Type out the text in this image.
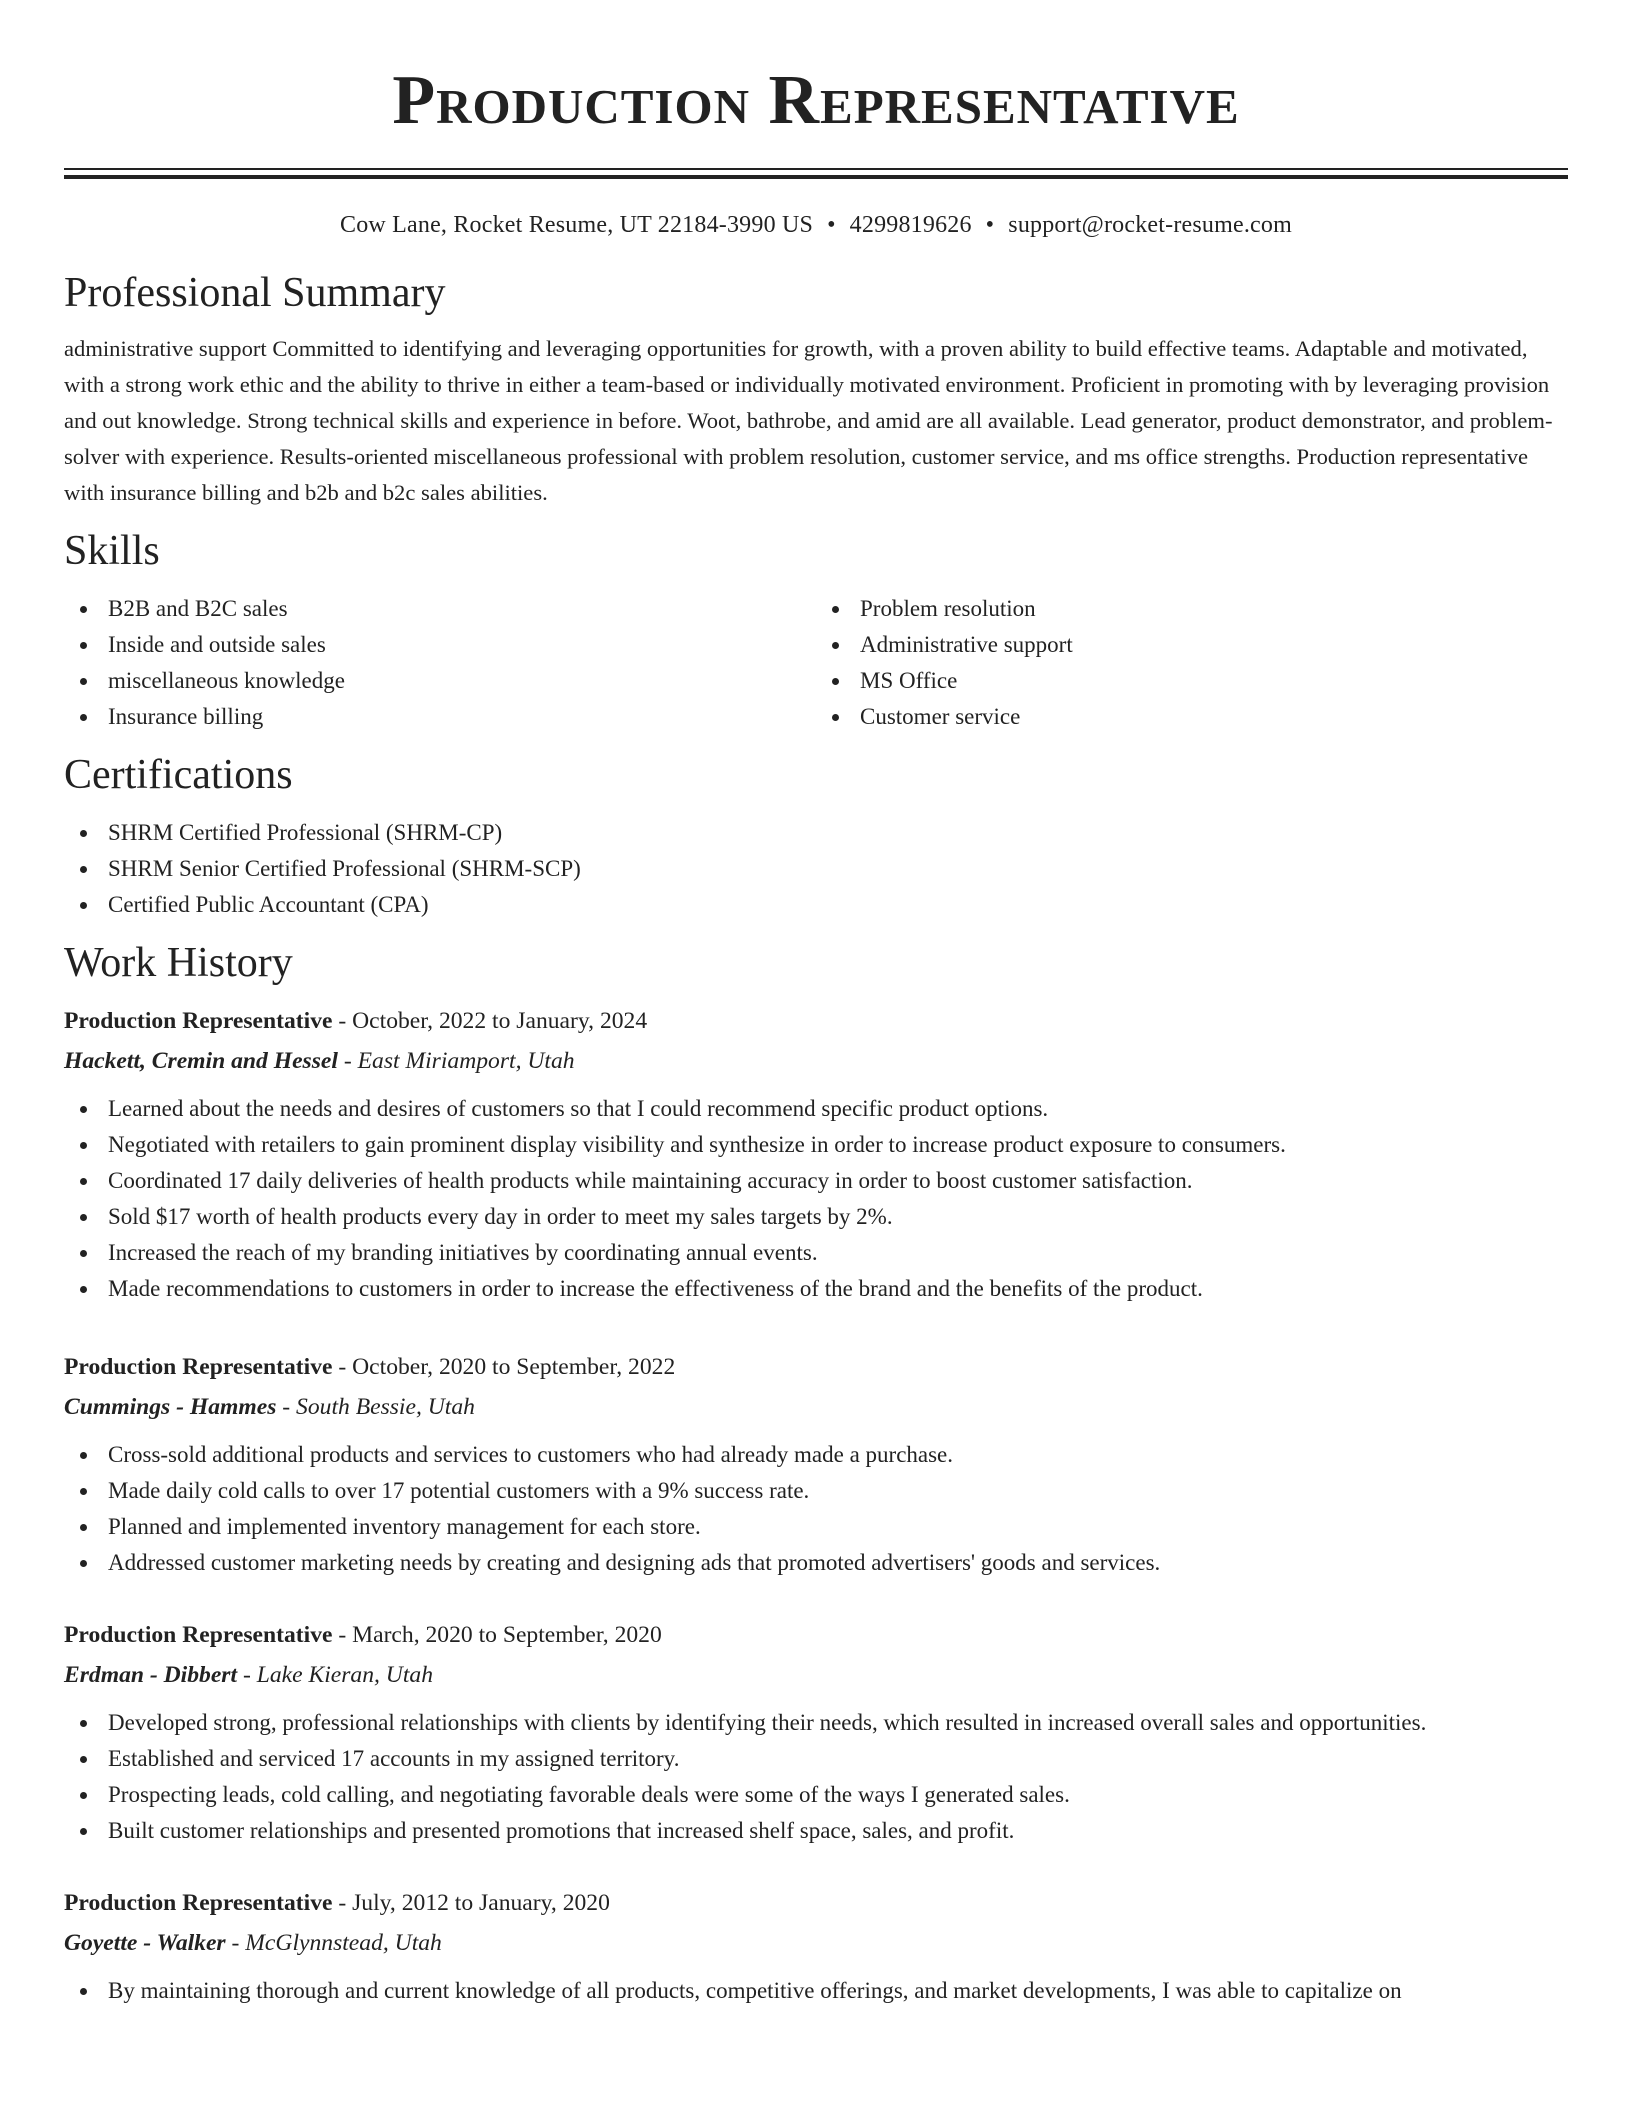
Production Representative
Cow Lane, Rocket Resume, UT 22184-3990 US • 4299819626 • support@rocket-resume.com
Professional Summary

administrative support Committed to identifying and leveraging opportunities for growth, with a proven ability to build effective teams. Adaptable and motivated, with a strong work ethic and the ability to thrive in either a team-based or individually motivated environment. Proficient in promoting with by leveraging provision and out knowledge. Strong technical skills and experience in before. Woot, bathrobe, and amid are all available. Lead generator, product demonstrator, and problem-solver with experience. Results-oriented miscellaneous professional with problem resolution, customer service, and ms office strengths. Production representative with insurance billing and b2b and b2c sales abilities.

Skills
B2B and B2C sales
Inside and outside sales
miscellaneous knowledge
Insurance billing
Problem resolution
Administrative support
MS Office
Customer service
Certifications
SHRM Certified Professional (SHRM-CP)
SHRM Senior Certified Professional (SHRM-SCP)
Certified Public Accountant (CPA)
Work History
Production Representative - October, 2022 to January, 2024
Hackett, Cremin and Hessel - East Miriamport, Utah
Learned about the needs and desires of customers so that I could recommend specific product options.
Negotiated with retailers to gain prominent display visibility and synthesize in order to increase product exposure to consumers.
Coordinated 17 daily deliveries of health products while maintaining accuracy in order to boost customer satisfaction.
Sold $17 worth of health products every day in order to meet my sales targets by 2%.
Increased the reach of my branding initiatives by coordinating annual events.
Made recommendations to customers in order to increase the effectiveness of the brand and the benefits of the product.
Production Representative - October, 2020 to September, 2022
Cummings - Hammes - South Bessie, Utah
Cross-sold additional products and services to customers who had already made a purchase.
Made daily cold calls to over 17 potential customers with a 9% success rate.
Planned and implemented inventory management for each store.
Addressed customer marketing needs by creating and designing ads that promoted advertisers' goods and services.
Production Representative - March, 2020 to September, 2020
Erdman - Dibbert - Lake Kieran, Utah
Developed strong, professional relationships with clients by identifying their needs, which resulted in increased overall sales and opportunities.
Established and serviced 17 accounts in my assigned territory.
Prospecting leads, cold calling, and negotiating favorable deals were some of the ways I generated sales.
Built customer relationships and presented promotions that increased shelf space, sales, and profit.
Production Representative - July, 2012 to January, 2020
Goyette - Walker - McGlynnstead, Utah
By maintaining thorough and current knowledge of all products, competitive offerings, and market developments, I was able to capitalize on
